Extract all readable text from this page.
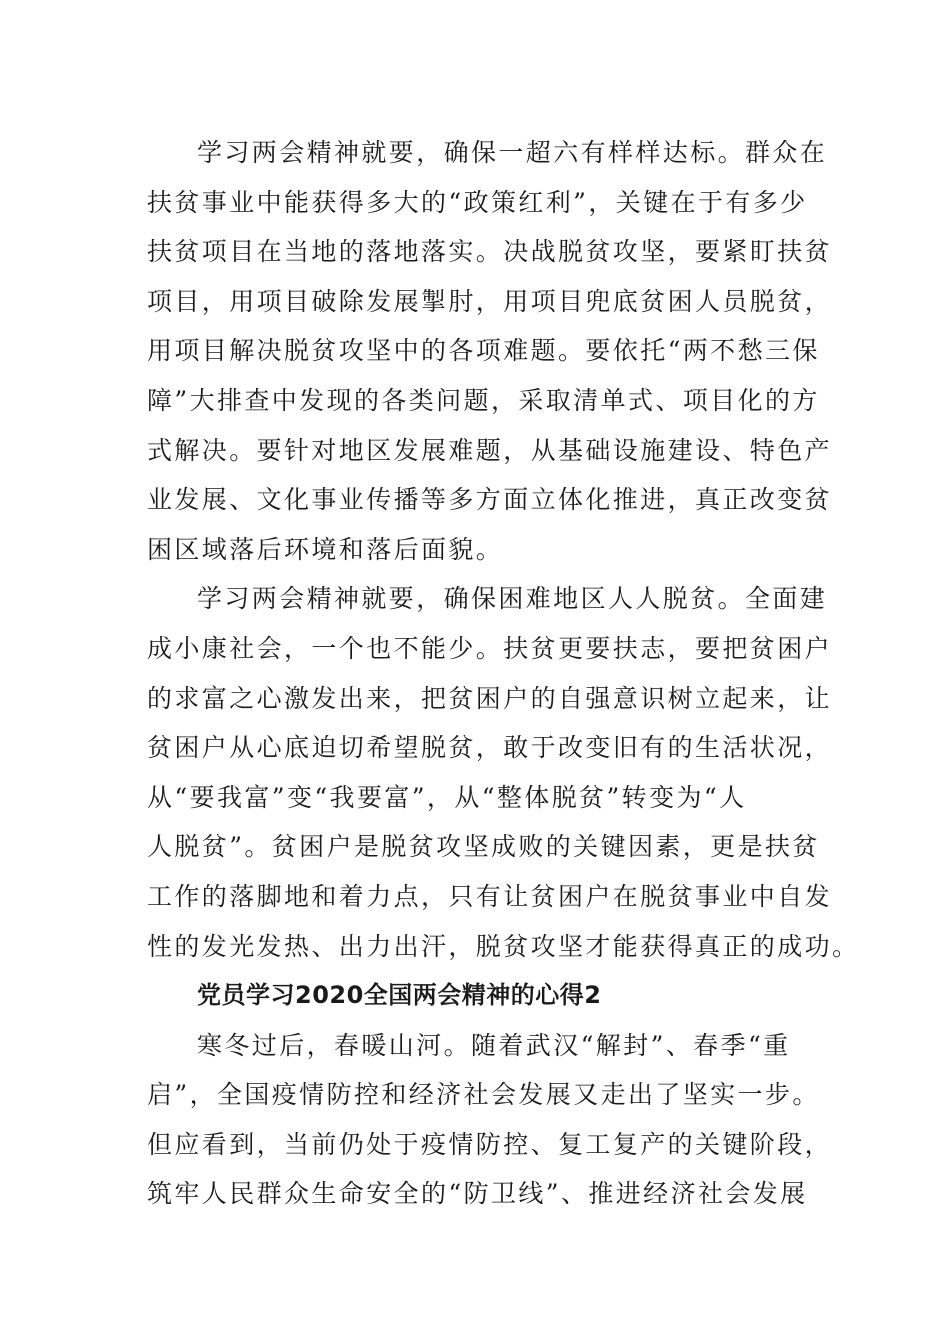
学习两会精神就要，确保一超六有样样达标。群众在
扶贫事业中能获得多大的“政策红利”，关键在于有多少
扶贫项目在当地的落地落实。决战脱贫攻坚，要紧盯扶贫
项目，用项目破除发展掣肘，用项目兜底贫困人员脱贫，
用项目解决脱贫攻坚中的各项难题。要依托“两不愁三保
障”大排查中发现的各类问题，采取清单式、项目化的方
式解决。要针对地区发展难题，从基础设施建设、特色产
业发展、文化事业传播等多方面立体化推进，真正改变贫
困区域落后环境和落后面貌。
学习两会精神就要，确保困难地区人人脱贫。全面建
成小康社会，一个也不能少。扶贫更要扶志，要把贫困户
的求富之心激发出来，把贫困户的自强意识树立起来，让
贫困户从心底迫切希望脱贫，敢于改变旧有的生活状况，
从“要我富”变“我要富”，从“整体脱贫”转变为“人
人脱贫”。贫困户是脱贫攻坚成败的关键因素，更是扶贫
工作的落脚地和着力点，只有让贫困户在脱贫事业中自发
性的发光发热、出力出汗，脱贫攻坚才能获得真正的成功。
党员学习2020全国两会精神的心得2
寒冬过后，春暖山河。随着武汉“解封”、春季“重
启”，全国疫情防控和经济社会发展又走出了坚实一步。
但应看到，当前仍处于疫情防控、复工复产的关键阶段，
筑牢人民群众生命安全的“防卫线”、推进经济社会发展
